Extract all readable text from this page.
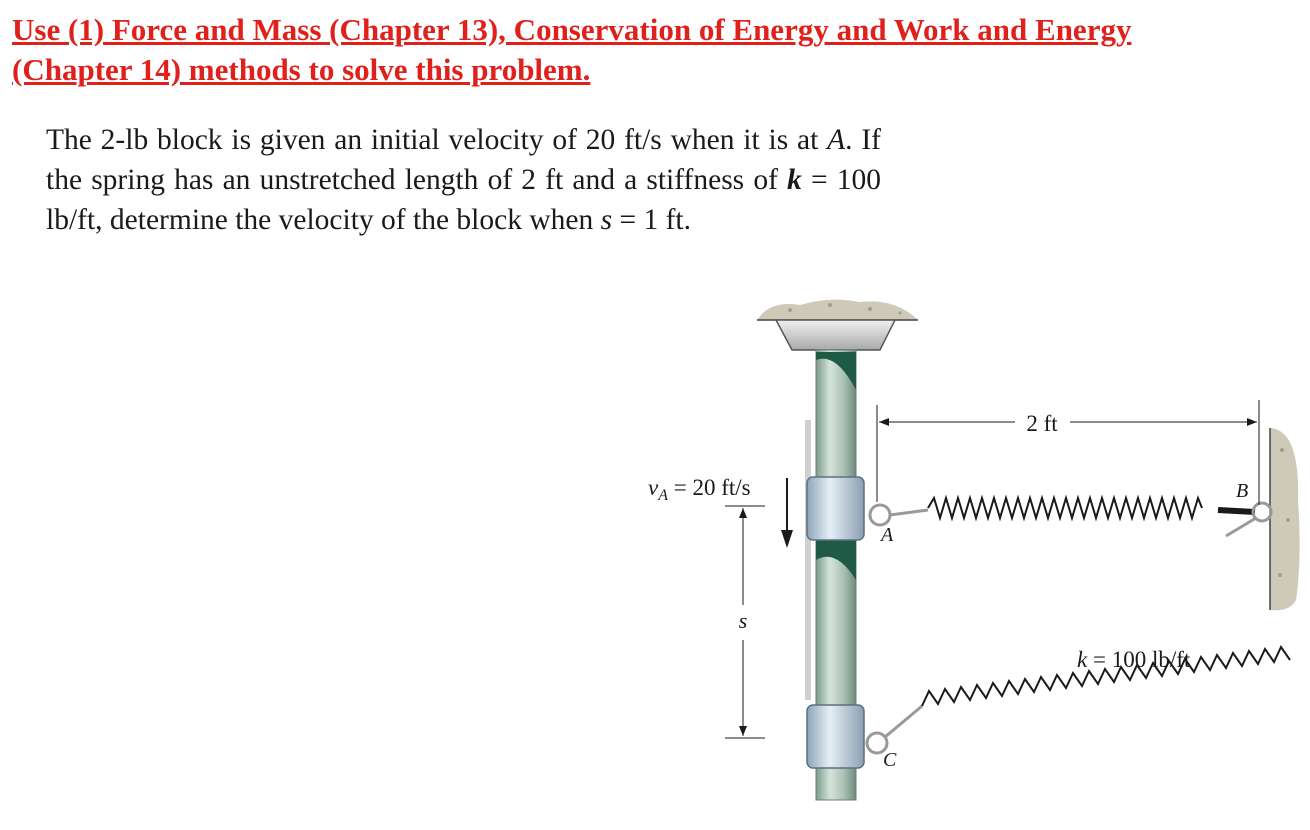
Use (1) Force and Mass (Chapter 13), Conservation of Energy and Work and Energy
(Chapter 14) methods to solve this problem.

The 2-lb block is given an initial velocity of 20 ft/s when it is at A. If the spring has an unstretched length of 2 ft and a stiffness of k = 100 lb/ft, determine the velocity of the block when s = 1 ft.

2 ft
$v_A = 20$ ft/s
s
A
B
C
k = 100 lb/ft
